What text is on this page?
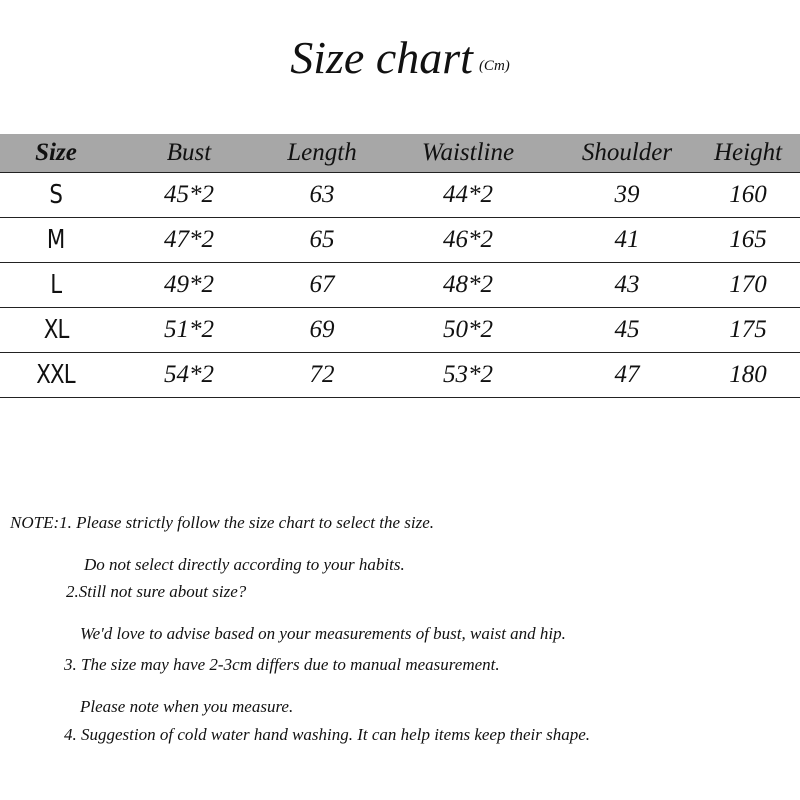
Size chart $^{(Cm)}$
Size	Bust	Length	Waistline	Shoulder	Height
S	45*2	63	44*2	39	160
M	47*2	65	46*2	41	165
L	49*2	67	48*2	43	170
XL	51*2	69	50*2	45	175
XXL	54*2	72	53*2	47	180
NOTE:1. Please strictly follow the size chart to select the size.
Do not select directly according to your habits.
2.Still not sure about size?
We'd love to advise based on your measurements of bust, waist and hip.
3. The size may have 2-3cm differs due to manual measurement.
Please note when you measure.
4. Suggestion of cold water hand washing. It can help items keep their shape.
